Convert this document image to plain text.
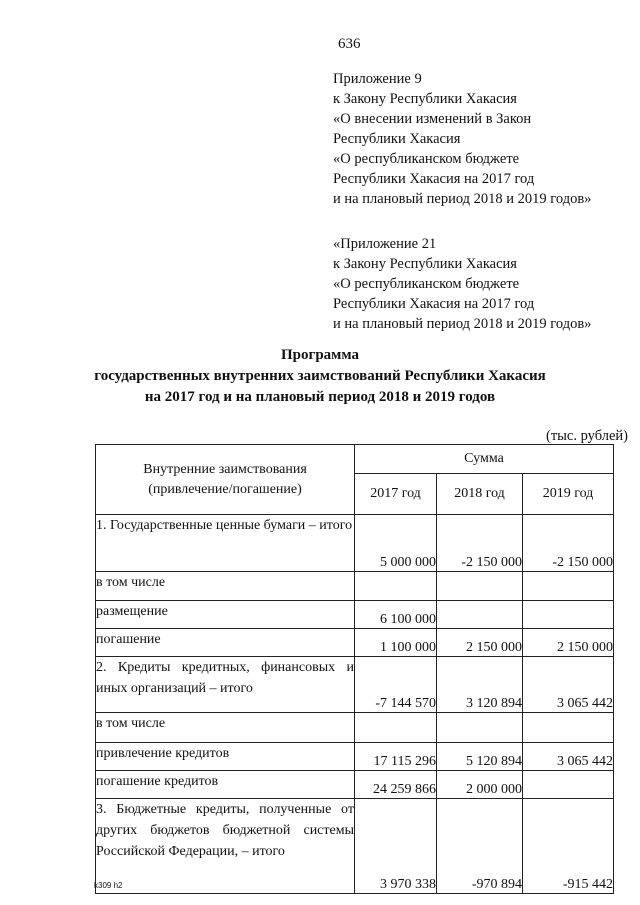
636
Приложение 9
к Закону Республики Хакасия
«О внесении изменений в Закон
Республики Хакасия
«О республиканском бюджете
Республики Хакасия на 2017 год
и на плановый период 2018 и 2019 годов»
«Приложение 21
к Закону Республики Хакасия
«О республиканском бюджете
Республики Хакасия на 2017 год
и на плановый период 2018 и 2019 годов»
Программа
государственных внутренних заимствований Республики Хакасия
на 2017 год и на плановый период 2018 и 2019 годов
(тыс. рублей)
Внутренние заимствования
(привлечение/погашение)	Сумма		
	2017 год	2018 год	2019 год
1. Государственные ценные бумаги – итого	5 000 000	-2 150 000	-2 150 000
в том числе			
размещение	6 100 000		
погашение	1 100 000	2 150 000	2 150 000
2. Кредиты кредитных, финансовых и иных организаций – итого	-7 144 570	3 120 894	3 065 442
в том числе			
привлечение кредитов	17 115 296	5 120 894	3 065 442
погашение кредитов	24 259 866	2 000 000	
3. Бюджетные кредиты, полученные от других бюджетов бюджетной системы Российской Федерации, – итого	3 970 338	-970 894	-915 442
k309 h2
